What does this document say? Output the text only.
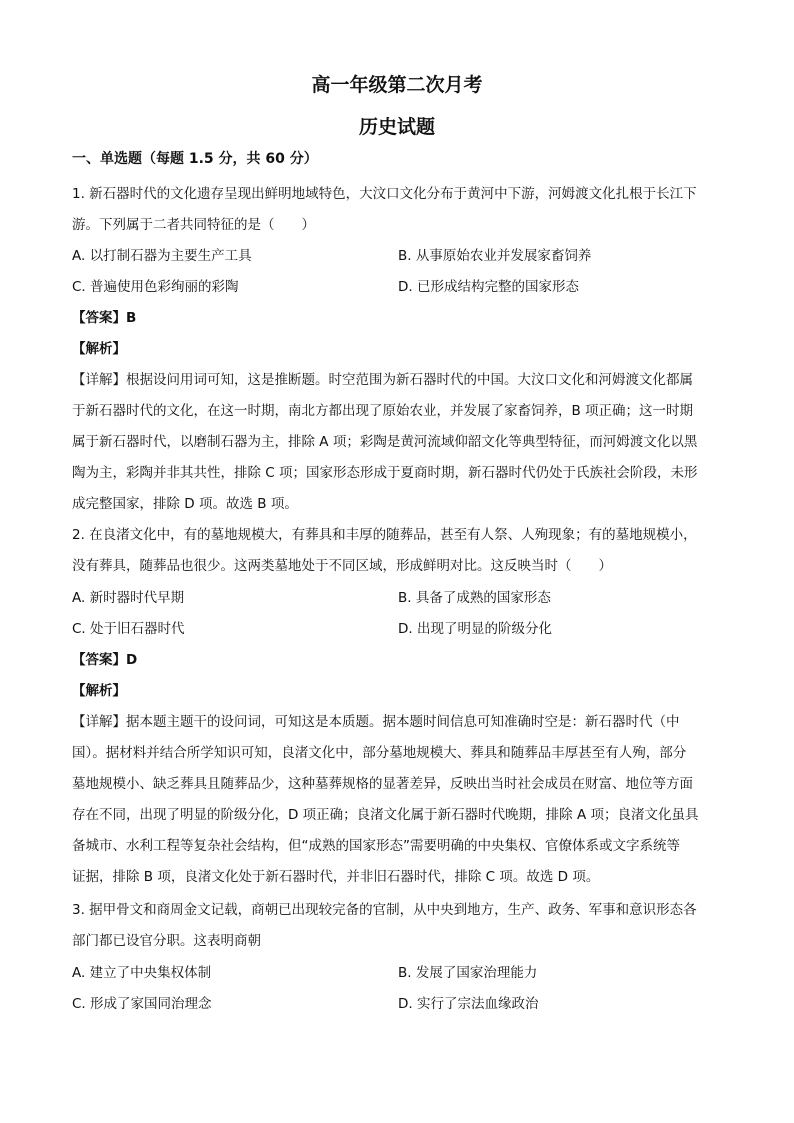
高一年级第二次月考
历史试题
一、单选题（每题 1.5 分，共 60 分）
1. 新石器时代的文化遗存呈现出鲜明地域特色，大汶口文化分布于黄河中下游，河姆渡文化扎根于长江下
游。下列属于二者共同特征的是（　　）
A. 以打制石器为主要生产工具	B. 从事原始农业并发展家畜饲养
C. 普遍使用色彩绚丽的彩陶	D. 已形成结构完整的国家形态
【答案】B
【解析】
【详解】根据设问用词可知，这是推断题。时空范围为新石器时代的中国。大汶口文化和河姆渡文化都属
于新石器时代的文化，在这一时期，南北方都出现了原始农业，并发展了家畜饲养，B 项正确；这一时期
属于新石器时代，以磨制石器为主，排除 A 项；彩陶是黄河流域仰韶文化等典型特征，而河姆渡文化以黑
陶为主，彩陶并非其共性，排除 C 项；国家形态形成于夏商时期，新石器时代仍处于氏族社会阶段，未形
成完整国家，排除 D 项。故选 B 项。
2. 在良渚文化中，有的墓地规模大，有葬具和丰厚的随葬品，甚至有人祭、人殉现象；有的墓地规模小，
没有葬具，随葬品也很少。这两类墓地处于不同区域，形成鲜明对比。这反映当时（　　）
A. 新时器时代早期	B. 具备了成熟的国家形态
C. 处于旧石器时代	D. 出现了明显的阶级分化
【答案】D
【解析】
【详解】据本题主题干的设问词，可知这是本质题。据本题时间信息可知准确时空是：新石器时代（中
国）。据材料并结合所学知识可知，良渚文化中，部分墓地规模大、葬具和随葬品丰厚甚至有人殉，部分
墓地规模小、缺乏葬具且随葬品少，这种墓葬规格的显著差异，反映出当时社会成员在财富、地位等方面
存在不同，出现了明显的阶级分化，D 项正确；良渚文化属于新石器时代晚期，排除 A 项；良渚文化虽具
备城市、水利工程等复杂社会结构，但“成熟的国家形态”需要明确的中央集权、官僚体系或文字系统等
证据，排除 B 项，良渚文化处于新石器时代，并非旧石器时代，排除 C 项。故选 D 项。
3. 据甲骨文和商周金文记载，商朝已出现较完备的官制，从中央到地方，生产、政务、军事和意识形态各
部门都已设官分职。这表明商朝
A. 建立了中央集权体制	B. 发展了国家治理能力
C. 形成了家国同治理念	D. 实行了宗法血缘政治
